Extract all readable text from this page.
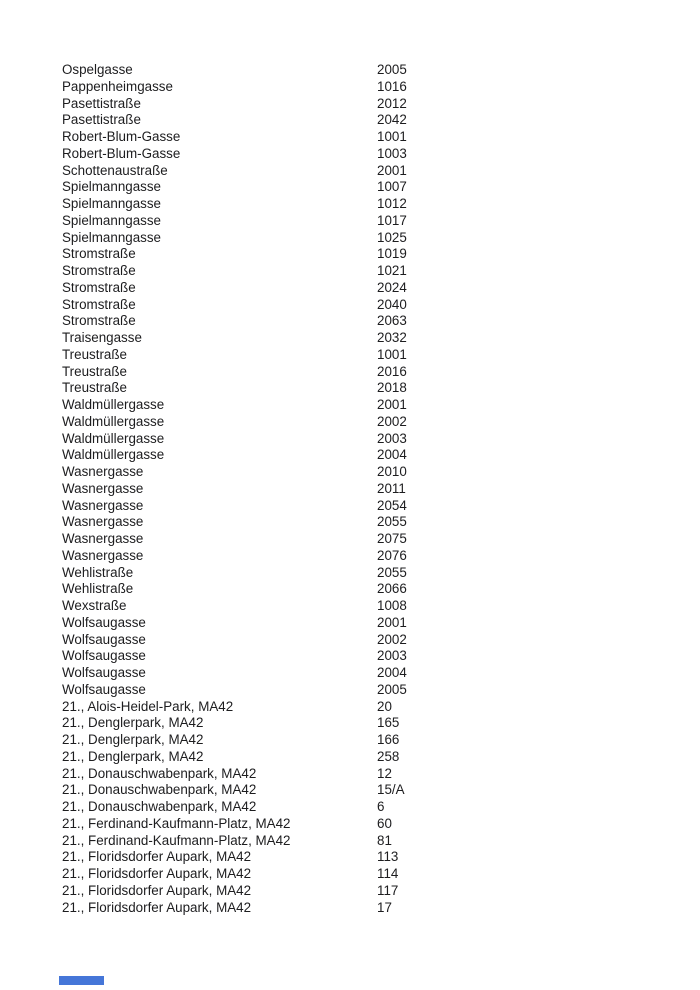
Ospelgasse	2005
Pappenheimgasse	1016
Pasettistraße	2012
Pasettistraße	2042
Robert-Blum-Gasse	1001
Robert-Blum-Gasse	1003
Schottenaustraße	2001
Spielmanngasse	1007
Spielmanngasse	1012
Spielmanngasse	1017
Spielmanngasse	1025
Stromstraße	1019
Stromstraße	1021
Stromstraße	2024
Stromstraße	2040
Stromstraße	2063
Traisengasse	2032
Treustraße	1001
Treustraße	2016
Treustraße	2018
Waldmüllergasse	2001
Waldmüllergasse	2002
Waldmüllergasse	2003
Waldmüllergasse	2004
Wasnergasse	2010
Wasnergasse	2011
Wasnergasse	2054
Wasnergasse	2055
Wasnergasse	2075
Wasnergasse	2076
Wehlistraße	2055
Wehlistraße	2066
Wexstraße	1008
Wolfsaugasse	2001
Wolfsaugasse	2002
Wolfsaugasse	2003
Wolfsaugasse	2004
Wolfsaugasse	2005
21., Alois-Heidel-Park, MA42	20
21., Denglerpark, MA42	165
21., Denglerpark, MA42	166
21., Denglerpark, MA42	258
21., Donauschwabenpark, MA42	12
21., Donauschwabenpark, MA42	15/A
21., Donauschwabenpark, MA42	6
21., Ferdinand-Kaufmann-Platz, MA42	60
21., Ferdinand-Kaufmann-Platz, MA42	81
21., Floridsdorfer Aupark, MA42	113
21., Floridsdorfer Aupark, MA42	114
21., Floridsdorfer Aupark, MA42	117
21., Floridsdorfer Aupark, MA42	17
